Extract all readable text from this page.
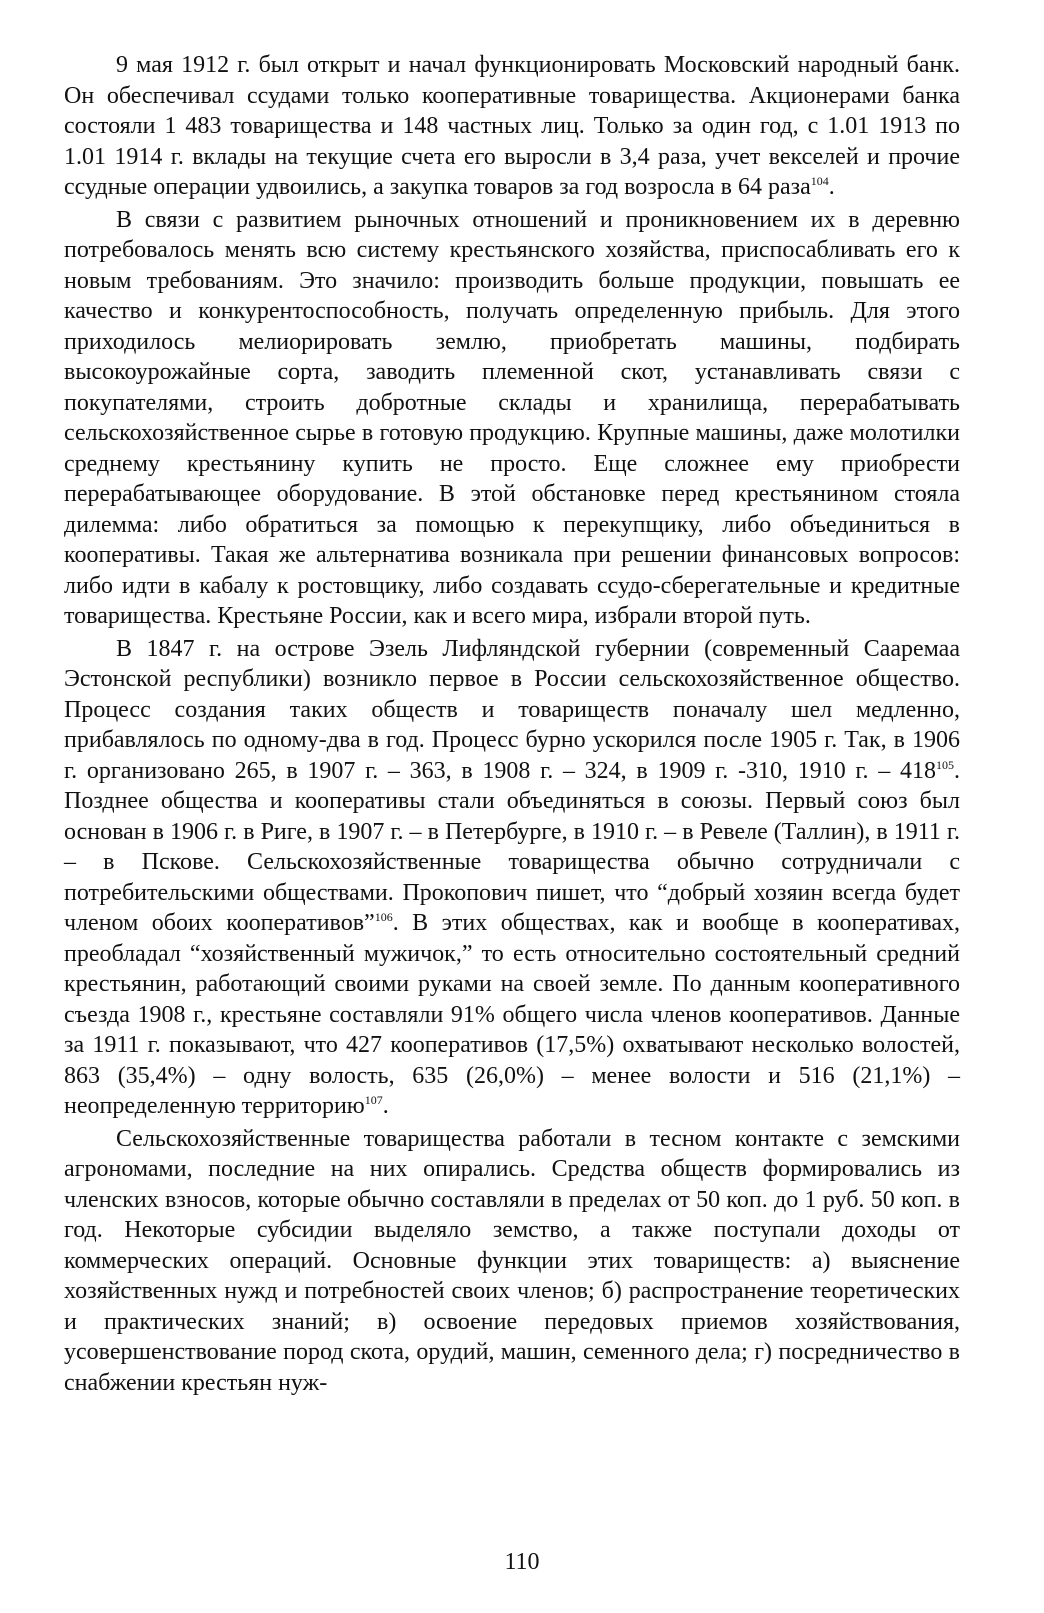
9 мая 1912 г. был открыт и начал функционировать Московский народный банк. Он обеспечивал ссудами только кооперативные товарищества. Акционерами банка состояли 1 483 товарищества и 148 частных лиц. Только за один год, с 1.01 1913 по 1.01 1914 г. вклады на текущие счета его выросли в 3,4 раза, учет векселей и прочие ссудные операции удвоились, а закупка товаров за год возросла в 64 раза$^{104}$.

В связи с развитием рыночных отношений и проникновением их в деревню потребовалось менять всю систему крестьянского хозяйства, приспосабливать его к новым требованиям. Это значило: производить больше продукции, повышать ее качество и конкурентоспособность, получать определенную прибыль. Для этого приходилось мелиорировать землю, приобретать машины, подбирать высокоурожайные сорта, заводить племенной скот, устанавливать связи с покупателями, строить добротные склады и хранилища, перерабатывать сельскохозяйственное сырье в готовую продукцию. Крупные машины, даже молотилки среднему крестьянину купить не просто. Еще сложнее ему приобрести перерабатывающее оборудование. В этой обстановке перед крестьянином стояла дилемма: либо обратиться за помощью к перекупщику, либо объединиться в кооперативы. Такая же альтернатива возникала при решении финансовых вопросов: либо идти в кабалу к ростовщику, либо создавать ссудо-сберегательные и кредитные товарищества. Крестьяне России, как и всего мира, избрали второй путь.

В 1847 г. на острове Эзель Лифляндской губернии (современный Сааремаа Эстонской республики) возникло первое в России сельскохозяйственное общество. Процесс создания таких обществ и товариществ поначалу шел медленно, прибавлялось по одному-два в год. Процесс бурно ускорился после 1905 г. Так, в 1906 г. организовано 265, в 1907 г. – 363, в 1908 г. – 324, в 1909 г. -310, 1910 г. – $418^{105}$. Позднее общества и кооперативы стали объединяться в союзы. Первый союз был основан в 1906 г. в Риге, в 1907 г. – в Петербурге, в 1910 г. – в Ревеле (Таллин), в 1911 г. – в Пскове. Сельскохозяйственные товарищества обычно сотрудничали с потребительскими обществами. Прокопович пишет, что “добрый хозяин всегда будет членом обоих кооперативов”$^{106}$. В этих обществах, как и вообще в кооперативах, преобладал “хозяйственный мужичок,” то есть относительно состоятельный средний крестьянин, работающий своими руками на своей земле. По данным кооперативного съезда 1908 г., крестьяне составляли 91% общего числа членов кооперативов. Данные за 1911 г. показывают, что 427 кооперативов (17,5%) охватывают несколько волостей, 863 (35,4%) – одну волость, 635 (26,0%) – менее волости и 516 (21,1%) – неопределенную территорию$^{107}$.

Сельскохозяйственные товарищества работали в тесном контакте с земскими агрономами, последние на них опирались. Средства обществ формировались из членских взносов, которые обычно составляли в пределах от 50 коп. до 1 руб. 50 коп. в год. Некоторые субсидии выделяло земство, а также поступали доходы от коммерческих операций. Основные функции этих товариществ: а) выяснение хозяйственных нужд и потребностей своих членов; б) распространение теоретических и практических знаний; в) освоение передовых приемов хозяйствования, усовершенствование пород скота, орудий, машин, семенного дела; г) посредничество в снабжении крестьян нуж-

110
